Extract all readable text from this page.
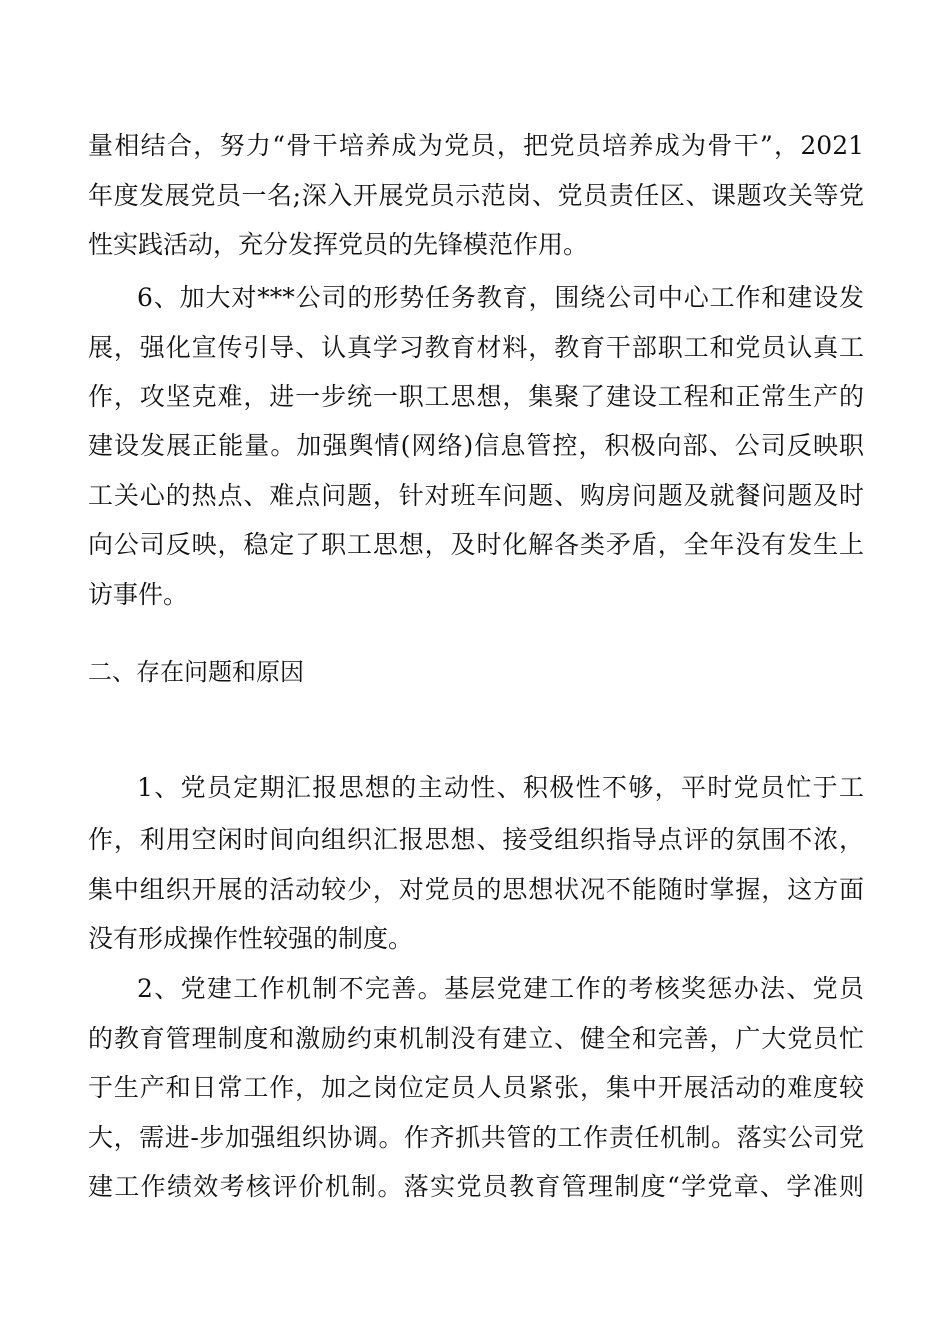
量相结合，努力“骨干培养成为党员，把党员培养成为骨干”，2021
年度发展党员一名;深入开展党员示范岗、党员责任区、课题攻关等党
性实践活动，充分发挥党员的先锋模范作用。
6、加大对***公司的形势任务教育，围绕公司中心工作和建设发
展，强化宣传引导、认真学习教育材料，教育干部职工和党员认真工
作，攻坚克难，进一步统一职工思想，集聚了建设工程和正常生产的
建设发展正能量。加强舆情(网络)信息管控，积极向部、公司反映职
工关心的热点、难点问题，针对班车问题、购房问题及就餐问题及时
向公司反映，稳定了职工思想，及时化解各类矛盾，全年没有发生上
访事件。
二、存在问题和原因
1、党员定期汇报思想的主动性、积极性不够，平时党员忙于工
作，利用空闲时间向组织汇报思想、接受组织指导点评的氛围不浓，
集中组织开展的活动较少，对党员的思想状况不能随时掌握，这方面
没有形成操作性较强的制度。
2、党建工作机制不完善。基层党建工作的考核奖惩办法、党员
的教育管理制度和激励约束机制没有建立、健全和完善，广大党员忙
于生产和日常工作，加之岗位定员人员紧张，集中开展活动的难度较
大，需进-步加强组织协调。作齐抓共管的工作责任机制。落实公司党
建工作绩效考核评价机制。落实党员教育管理制度“学党章、学准则
